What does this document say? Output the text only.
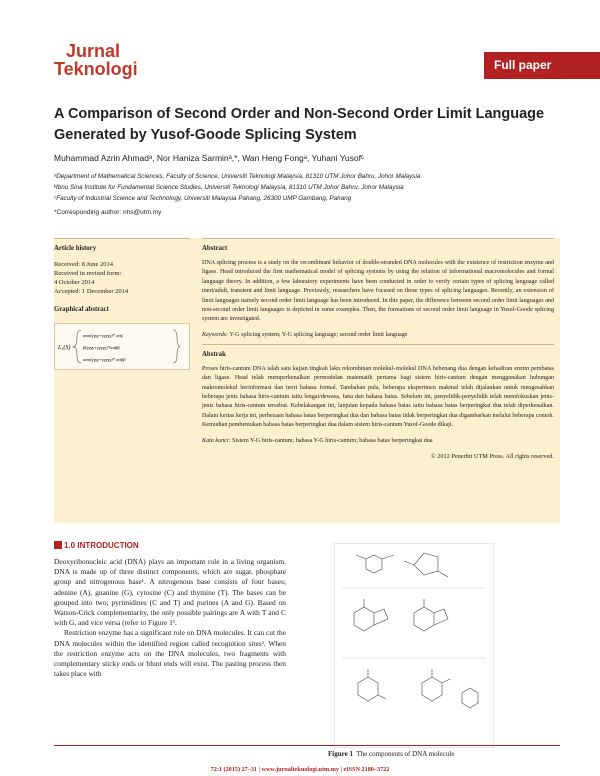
Jurnal
Teknologi	Full paper
A Comparison of Second Order and Non-Second Order Limit Language Generated by Yusof-Goode Splicing System
Muhammad Azrin Ahmadᵃ, Nor Haniza Sarminᵃ,*, Wan Heng Fongᵃ, Yuhani Yusofᶜ
ᵃDepartment of Mathematical Sciences, Faculty of Science, Universiti Teknologi Malaysia, 81310 UTM Johor Bahru, Johor Malaysia
ᵇIbnu Sina Institute for Fundamental Science Studies, Universiti Teknologi Malaysia, 81310 UTM Johor Bahru, Johor Malaysia
ᶜFaculty of Industrial Science and Technology, Universiti Malaysia Pahang, 26300 UMP Gambang, Pahang
*Corresponding author: nhs@utm.my
Article history
Received: 8 June 2014
Received in revised form:
4 October 2014
Accepted: 1 December 2014
Graphical abstract
L₁(S) =
ααα(γγγγ+γγγγγ)* ααf,
β(γγγγ+γγγγγ)*ααββ,
ααα(γγγγ+γγγγγ)* ααββ
Abstract

DNA splicing process is a study on the recombinant behavior of double-stranded DNA molecules with the existence of restriction enzyme and ligase. Head introduced the first mathematical model of splicing systems by using the relation of informational macromolecules and formal language theory. In addition, a few laboratory experiments have been conducted in order to verify certain types of splicing language called inert/adult, transient and limit language. Previously, researchers have focused on those types of splicing languages. Recently, an extension of limit languages namely second order limit language has been introduced. In this paper, the difference between second order limit languages and non-second order limit languages is depicted in some examples. Then, the formations of second order limit language in Yusof-Goode splicing system are investigated.

Keywords: Y-G splicing system; Y-G splicing language; second order limit language
Abstrak

Proses hiris-cantum DNA ialah satu kajian tingkah laku rekombinan molekul–molekul DNA bebenang dua dengan kehadiran enzim pembatas dan ligase. Head telah memperkenalkan permodelan matematik pertama bagi sistem hiris-cantum dengan menggunakan hubungan makromolekul berinformasi dan teori bahasa formal. Tambahan pula, beberapa eksperimen makmal telah dijalankan untuk mengesahkan beberapa jenis bahasa hiris-cantum iaitu lengai/dewasa, fana dan bahasa batas. Sebelum ini, penyelidik-penyelidik telah memfokuskan jenis-jenis bahasa hiris-cantum tersebut. Kebelakangan ini, lanjutan kepada bahasa batas iaitu bahasa batas berperingkat dua telah diperkenalkan. Dalam kertas kerja ini, perbezaan bahasa batas berperingkat dua dan bahasa batas tidak berperingkat dua digambarkan melalui beberapa contoh. Kemudian pembentukan bahasa batas berperingkat dua dalam sistem hiris-cantum Yusof-Goode dikaji.

Kata kunci: Sistem Y-G hiris-cantum; bahasa Y-G hiris-cantum; bahasa batas berperingkat dua
© 2012 Penerbit UTM Press. All rights reserved.
1.0 INTRODUCTION

Deoxyribonucleic acid (DNA) plays an important role in a living organism. DNA is made up of three distinct components, which are sugar, phosphate group and nitrogenous base¹. A nitrogenous base consists of four bases; adenine (A), guanine (G), cytosine (C) and thymine (T). The bases can be grouped into two; pyrimidines (C and T) and purines (A and G). Based on Watson-Crick complementarity, the only possible pairings are A with T and C with G, and vice versa (refer to Figure 1¹.

Restriction enzyme has a significant role on DNA molecules. It can cut the DNA molecules within the identified region called recognition sites². When the restriction enzyme acts on the DNA molecules, two fragments with complementary sticky ends or blunt ends will exist. The pasting process then takes place with

Figure 1 The components of DNA molecule
72:1 (2015) 27–31 | www.jurnalteknologi.utm.my | eISSN 2180–3722
